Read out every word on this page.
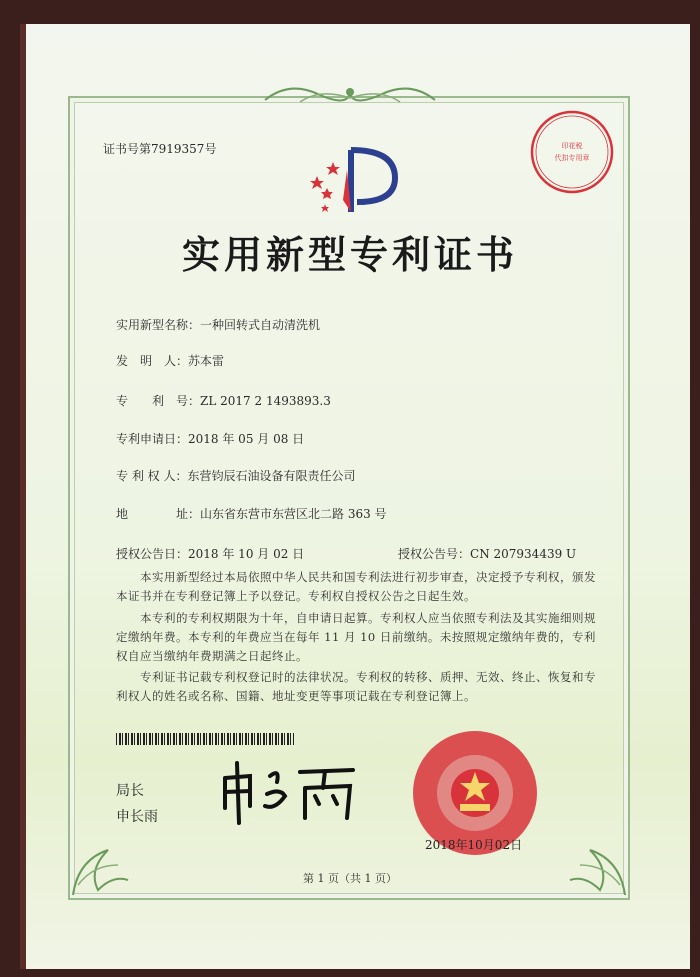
证书号第7919357号	印花税
代扣专用章
实用新型专利证书
实用新型名称：一种回转式自动清洗机
发　明　人：苏本雷
专　　利　号：ZL 2017 2 1493893.3
专利申请日：2018 年 05 月 08 日
专 利 权 人：东营钧辰石油设备有限责任公司
地　　　　址：山东省东营市东营区北二路 363 号
授权公告日：2018 年 10 月 02 日	授权公告号：CN 207934439 U
　　本实用新型经过本局依照中华人民共和国专利法进行初步审查，决定授予专利权，颁发本证书并在专利登记簿上予以登记。专利权自授权公告之日起生效。
　　本专利的专利权期限为十年，自申请日起算。专利权人应当依照专利法及其实施细则规定缴纳年费。本专利的年费应当在每年 11 月 10 日前缴纳。未按照规定缴纳年费的，专利权自应当缴纳年费期满之日起终止。
　　专利证书记载专利权登记时的法律状况。专利权的转移、质押、无效、终止、恢复和专利权人的姓名或名称、国籍、地址变更等事项记载在专利登记簿上。
局长
申长雨
2018年10月02日
第 1 页（共 1 页）
